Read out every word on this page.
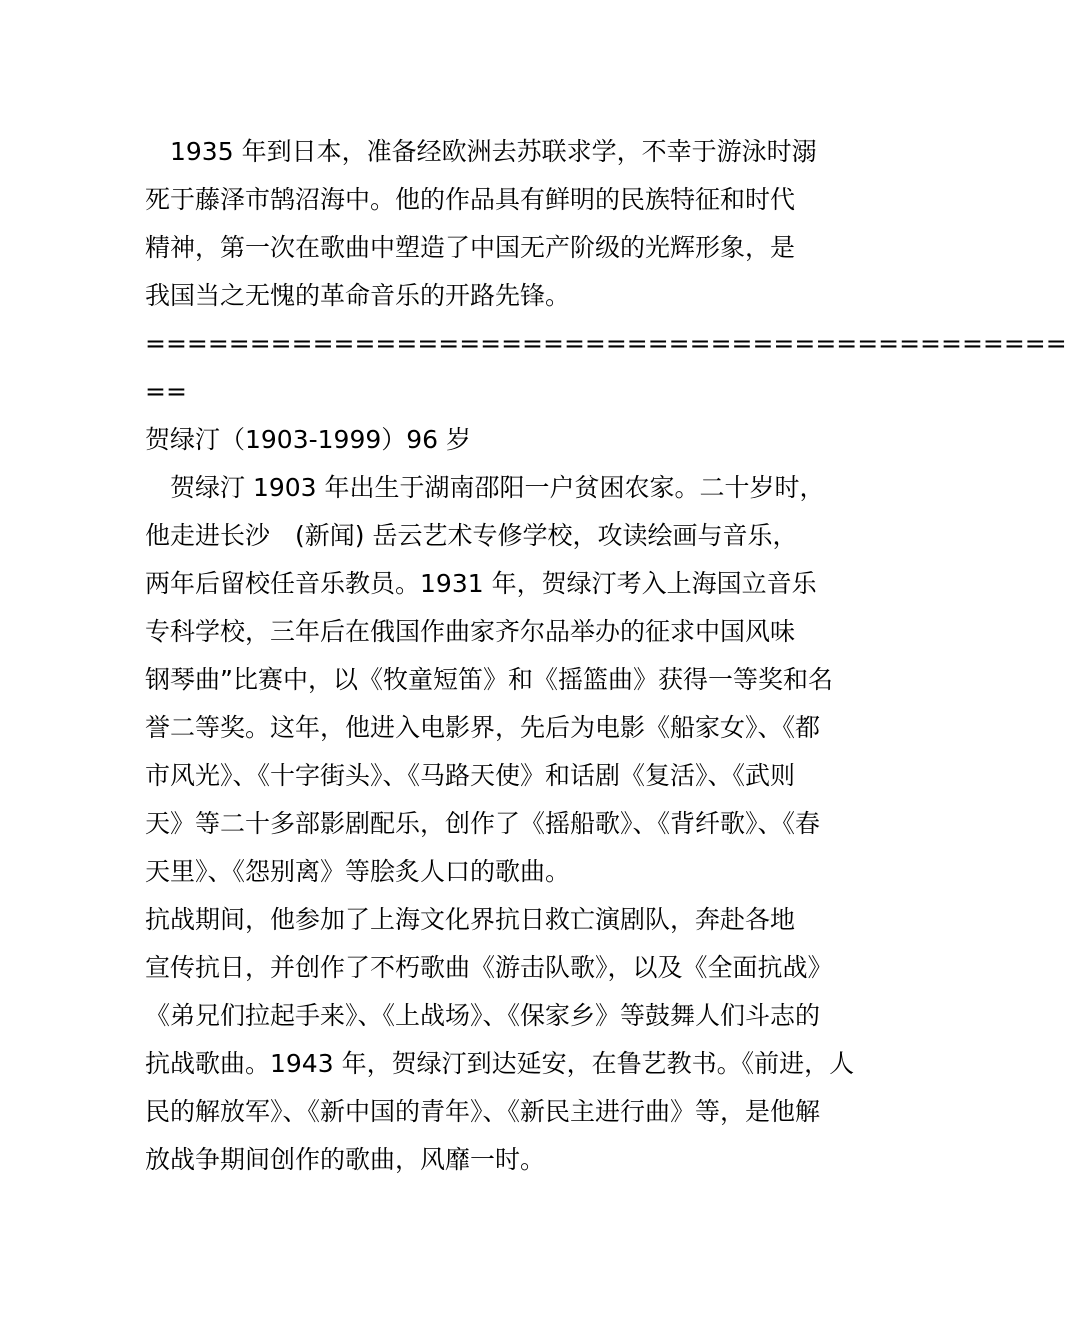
　1935 年到日本，准备经欧洲去苏联求学，不幸于游泳时溺
死于藤泽市鹄沼海中。他的作品具有鲜明的民族特征和时代
精神，第一次在歌曲中塑造了中国无产阶级的光辉形象，是
我国当之无愧的革命音乐的开路先锋。
============================================
==
贺绿汀（1903-1999）96 岁
　贺绿汀 1903 年出生于湖南邵阳一户贫困农家。二十岁时，
他走进长沙　(新闻) 岳云艺术专修学校，攻读绘画与音乐，
两年后留校任音乐教员。1931 年，贺绿汀考入上海国立音乐
专科学校，三年后在俄国作曲家齐尔品举办的征求中国风味
钢琴曲”比赛中，以《牧童短笛》和《摇篮曲》获得一等奖和名
誉二等奖。这年，他进入电影界，先后为电影《船家女》、《都
市风光》、《十字街头》、《马路天使》和话剧《复活》、《武则
天》等二十多部影剧配乐，创作了《摇船歌》、《背纤歌》、《春
天里》、《怨别离》等脍炙人口的歌曲。
抗战期间，他参加了上海文化界抗日救亡演剧队，奔赴各地
宣传抗日，并创作了不朽歌曲《游击队歌》，以及《全面抗战》
《弟兄们拉起手来》、《上战场》、《保家乡》等鼓舞人们斗志的
抗战歌曲。1943 年，贺绿汀到达延安，在鲁艺教书。《前进，人
民的解放军》、《新中国的青年》、《新民主进行曲》等，是他解
放战争期间创作的歌曲，风靡一时。
